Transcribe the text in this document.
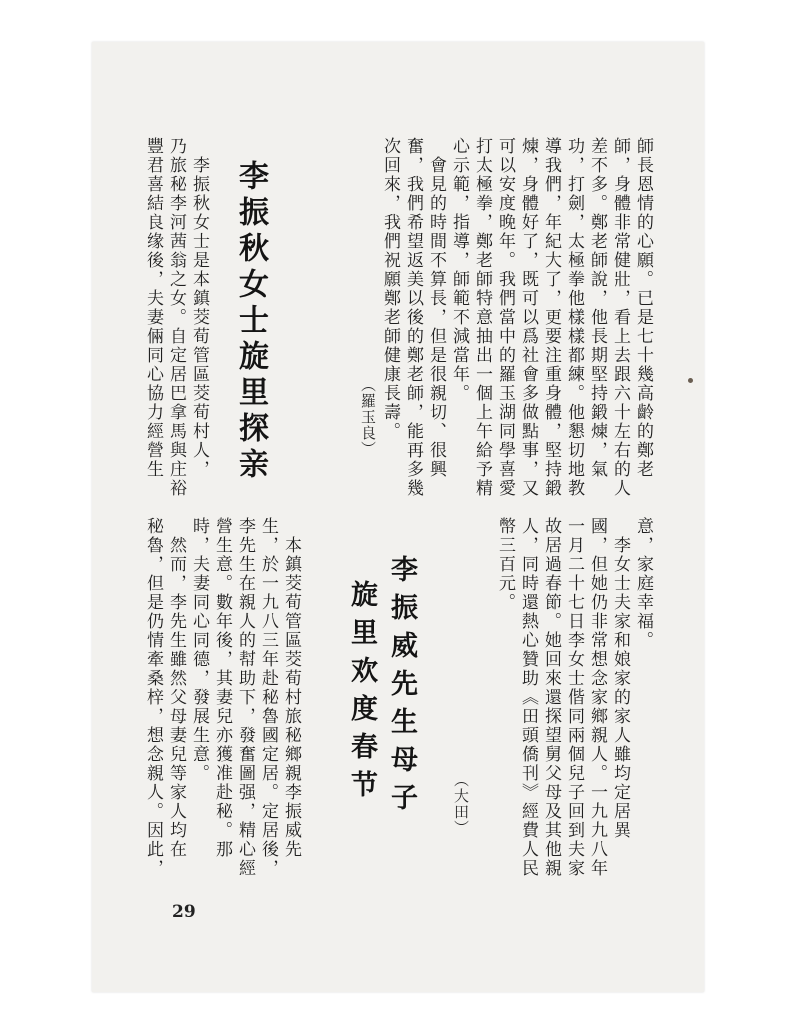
師長恩情的心願。已是七十幾高齡的鄭老
師，身體非常健壯，看上去跟六十左右的人
差不多。鄭老師說，他長期堅持鍛煉，氣
功，打劍，太極拳他樣樣都練。他懇切地教
導我們，年紀大了，更要注重身體，堅持鍛
煉，身體好了，既可以爲社會多做點事，又
可以安度晚年。我們當中的羅玉湖同學喜愛
打太極拳，鄭老師特意抽出一個上午給予精
心示範，指導，師範不減當年。
　會見的時間不算長，但是很親切、很興
奮，我們希望返美以後的鄭老師，能再多幾
次回來，我們祝願鄭老師健康長壽。
（羅玉良）
李振秋女士旋里探亲
　李振秋女士是本鎮茭荀管區茭荀村人，
乃旅秘李河茜翁之女。自定居巴拿馬與庄裕
豐君喜結良缘後，夫妻倆同心協力經營生
意，家庭幸福。
　李女士夫家和娘家的家人雖均定居異
國，但她仍非常想念家鄉親人。一九九八年
一月二十七日李女士偕同兩個兒子回到夫家
故居過春節。她回來還探望舅父母及其他親
人，同時還熱心贊助《田頭僑刊》經費人民
幣三百元。
（大田）
李振威先生母子
旋里欢度春节
　本鎮茭荀管區茭荀村旅秘鄉親李振威先
生，於一九八三年赴秘魯國定居。定居後，
李先生在親人的幇助下，發奮圖强，精心經
營生意。數年後，其妻兒亦獲准赴秘。那
時，夫妻同心同德，發展生意。
　然而，李先生雖然父母妻兒等家人均在
秘魯，但是仍情牽桑梓，想念親人。因此，
29
